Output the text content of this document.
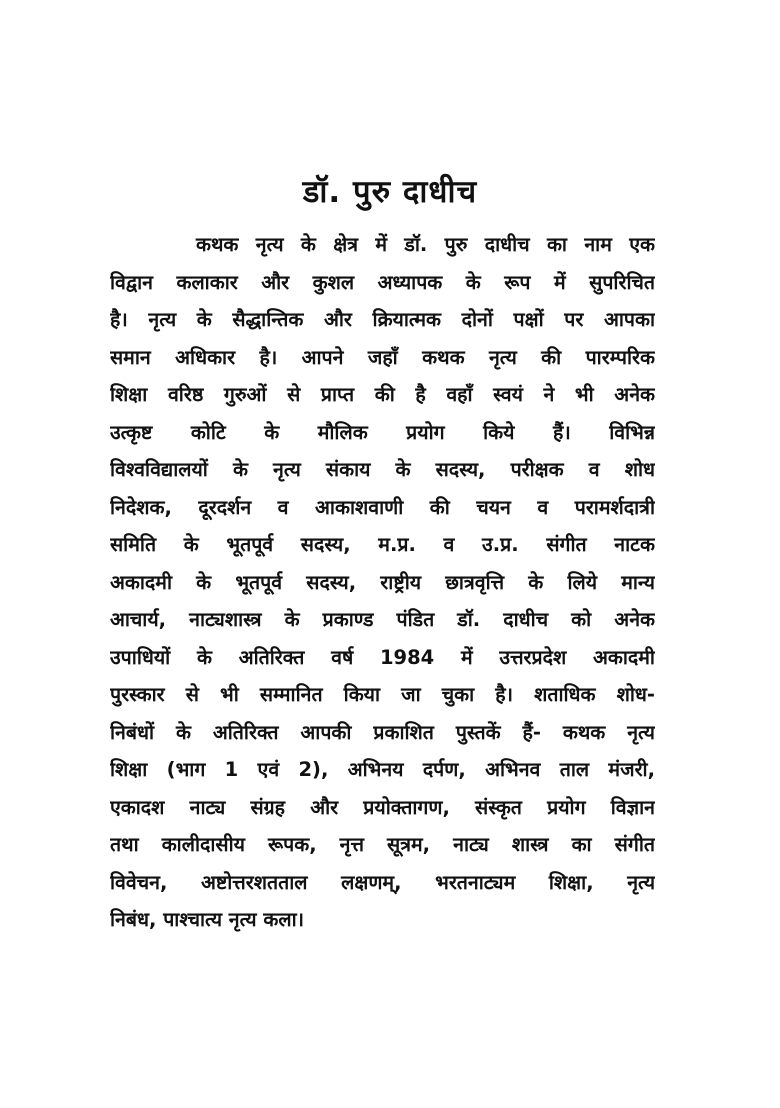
डॉ. पुरु दाधीच
कथक नृत्य के क्षेत्र में डॉ. पुरु दाधीच का नाम एक
विद्वान कलाकार और कुशल अध्यापक के रूप में सुपरिचित
है। नृत्य के सैद्धान्तिक और क्रियात्मक दोनों पक्षों पर आपका
समान अधिकार है। आपने जहाँ कथक नृत्य की पारम्परिक
शिक्षा वरिष्ठ गुरुओं से प्राप्त की है वहाँ स्वयं ने भी अनेक
उत्कृष्ट कोटि के मौलिक प्रयोग किये हैं। विभिन्न
विश्वविद्यालयों के नृत्य संकाय के सदस्य, परीक्षक व शोध
निदेशक, दूरदर्शन व आकाशवाणी की चयन व परामर्शदात्री
समिति के भूतपूर्व सदस्य, म.प्र. व उ.प्र. संगीत नाटक
अकादमी के भूतपूर्व सदस्य, राष्ट्रीय छात्रवृत्ति के लिये मान्य
आचार्य, नाट्यशास्त्र के प्रकाण्ड पंडित डॉ. दाधीच को अनेक
उपाधियों के अतिरिक्त वर्ष 1984 में उत्तरप्रदेश अकादमी
पुरस्कार से भी सम्मानित किया जा चुका है। शताधिक शोध-
निबंधों के अतिरिक्त आपकी प्रकाशित पुस्तकें हैं- कथक नृत्य
शिक्षा (भाग 1 एवं 2), अभिनय दर्पण, अभिनव ताल मंजरी,
एकादश नाट्य संग्रह और प्रयोक्तागण, संस्कृत प्रयोग विज्ञान
तथा कालीदासीय रूपक, नृत्त सूत्रम, नाट्य शास्त्र का संगीत
विवेचन, अष्टोत्तरशतताल लक्षणम्, भरतनाट्यम शिक्षा, नृत्य
निबंध, पाश्चात्य नृत्य कला।
